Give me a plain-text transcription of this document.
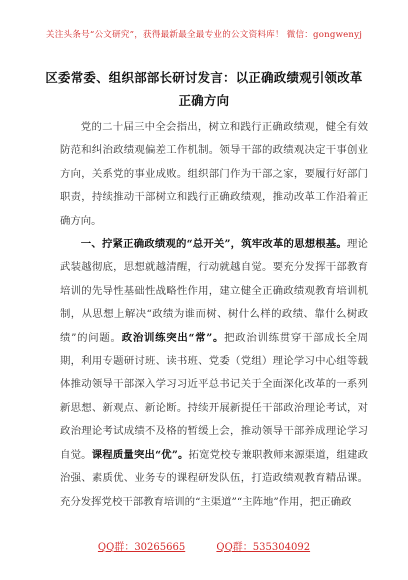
关注头条号“公文研究”，获得最新最全最专业的公文资料库！ 微信：gongwenyj
区委常委、组织部部长研讨发言：以正确政绩观引领改革
正确方向

党的二十届三中全会指出，树立和践行正确政绩观，健全有效防范和纠治政绩观偏差工作机制。领导干部的政绩观决定干事创业方向，关系党的事业成败。组织部门作为干部之家，要履行好部门职责，持续推动干部树立和践行正确政绩观，推动改革工作沿着正确方向。

一、拧紧正确政绩观的“总开关”，筑牢改革的思想根基。理论武装越彻底，思想就越清醒，行动就越自觉。要充分发挥干部教育培训的先导性基础性战略性作用，建立健全正确政绩观教育培训机制，从思想上解决“政绩为谁而树、树什么样的政绩、靠什么树政绩”的问题。政治训练突出“常”。把政治训练贯穿干部成长全周期，利用专题研讨班、读书班、党委（党组）理论学习中心组等载体推动领导干部深入学习习近平总书记关于全面深化改革的一系列新思想、新观点、新论断。持续开展新提任干部政治理论考试，对政治理论考试成绩不及格的暂缓上会，推动领导干部养成理论学习自觉。课程质量突出“优”。拓宽党校专兼职教师来源渠道，组建政治强、素质优、业务专的课程研发队伍，打造政绩观教育精品课。充分发挥党校干部教育培训的“主渠道”“主阵地”作用，把正确政

QQ群：30265665	QQ群：535304092
